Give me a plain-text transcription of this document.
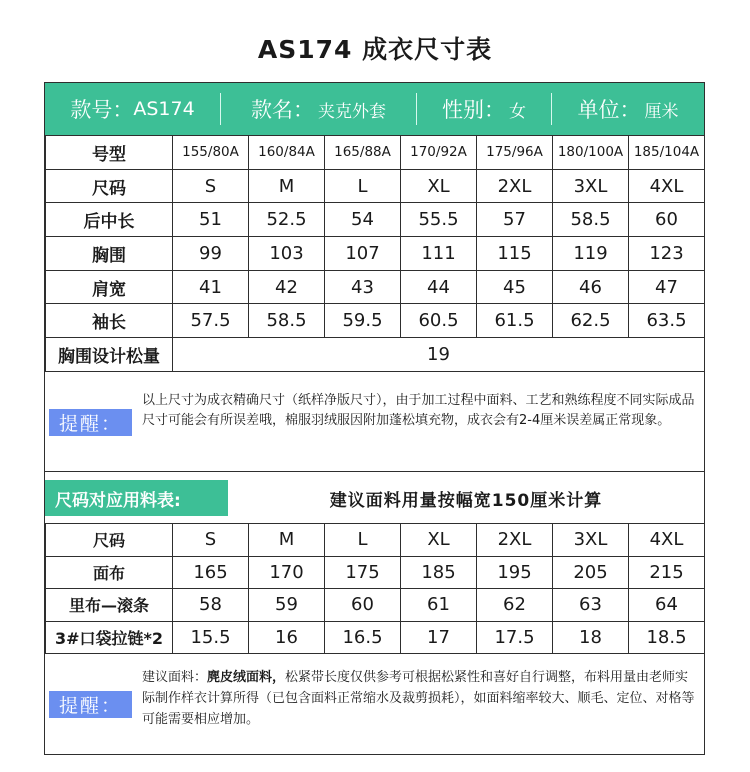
AS174 成衣尺寸表
款号： AS174	款名： 夹克外套	性别： 女 单位： 厘米
号型	155/80A	160/84A	165/88A	170/92A	175/96A	180/100A	185/104A
尺码	S	M	L	XL	2XL	3XL	4XL
后中长	51	52.5	54	55.5	57	58.5	60
胸围	99	103	107	111	115	119	123
肩宽	41	42	43	44	45	46	47
袖长	57.5	58.5	59.5	60.5	61.5	62.5	63.5
胸围设计松量	19						
提醒：
以上尺寸为成衣精确尺寸（纸样净版尺寸），由于加工过程中面料、工艺和熟练程度不同实际成品尺寸可能会有所误差哦，棉服羽绒服因附加蓬松填充物，成衣会有2-4厘米误差属正常现象。
尺码对应用料表:	建议面料用量按幅宽150厘米计算
尺码	S	M	L	XL	2XL	3XL	4XL
面布	165	170	175	185	195	205	215
里布—滚条	58	59	60	61	62	63	64
3#口袋拉链*2	15.5	16	16.5	17	17.5	18	18.5
提醒：
建议面料：麂皮绒面料，松紧带长度仅供参考可根据松紧性和喜好自行调整，布料用量由老师实际制作样衣计算所得（已包含面料正常缩水及裁剪损耗），如面料缩率较大、顺毛、定位、对格等可能需要相应增加。
